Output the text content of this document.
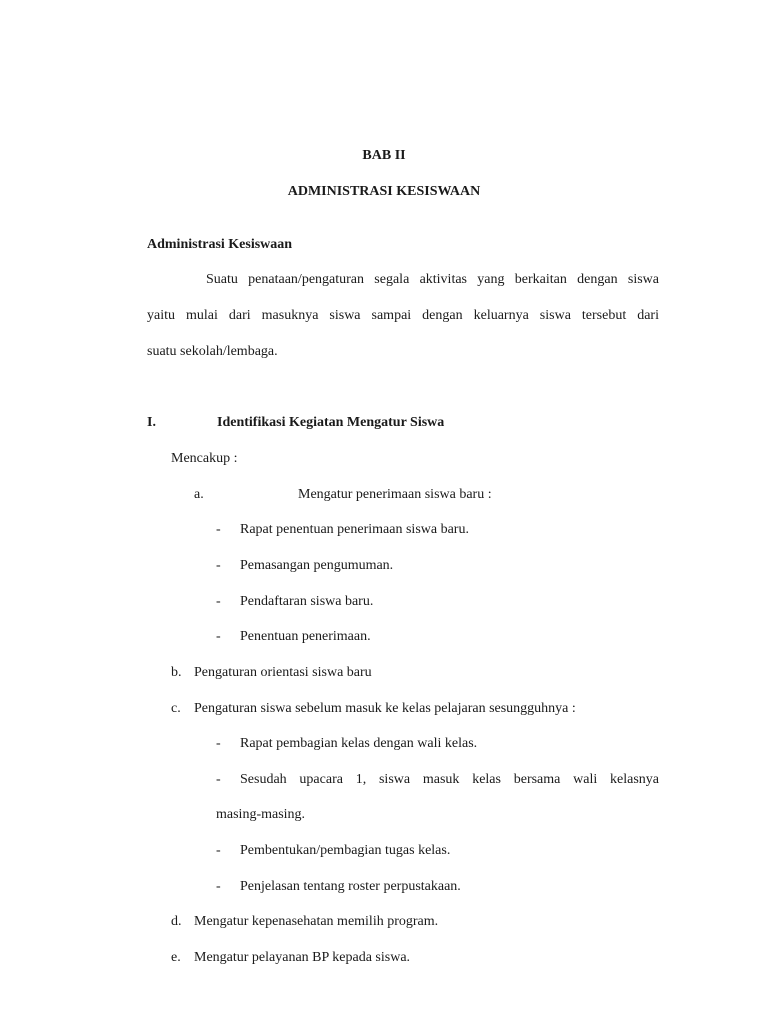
BAB II
ADMINISTRASI KESISWAAN
Administrasi Kesiswaan
Suatu penataan/pengaturan segala aktivitas yang berkaitan dengan siswa
yaitu mulai dari masuknya siswa sampai dengan keluarnya siswa tersebut dari
suatu sekolah/lembaga.
I.	Identifikasi Kegiatan Mengatur Siswa
Mencakup :
a.	Mengatur penerimaan siswa baru :
- Rapat penentuan penerimaan siswa baru.
- Pemasangan pengumuman.
- Pendaftaran siswa baru.
- Penentuan penerimaan.
b. Pengaturan orientasi siswa baru
c. Pengaturan siswa sebelum masuk ke kelas pelajaran sesungguhnya :
- Rapat pembagian kelas dengan wali kelas.
- Sesudah upacara 1, siswa masuk kelas bersama wali kelasnya
masing-masing.
- Pembentukan/pembagian tugas kelas.
- Penjelasan tentang roster perpustakaan.
d. Mengatur kepenasehatan memilih program.
e. Mengatur pelayanan BP kepada siswa.
